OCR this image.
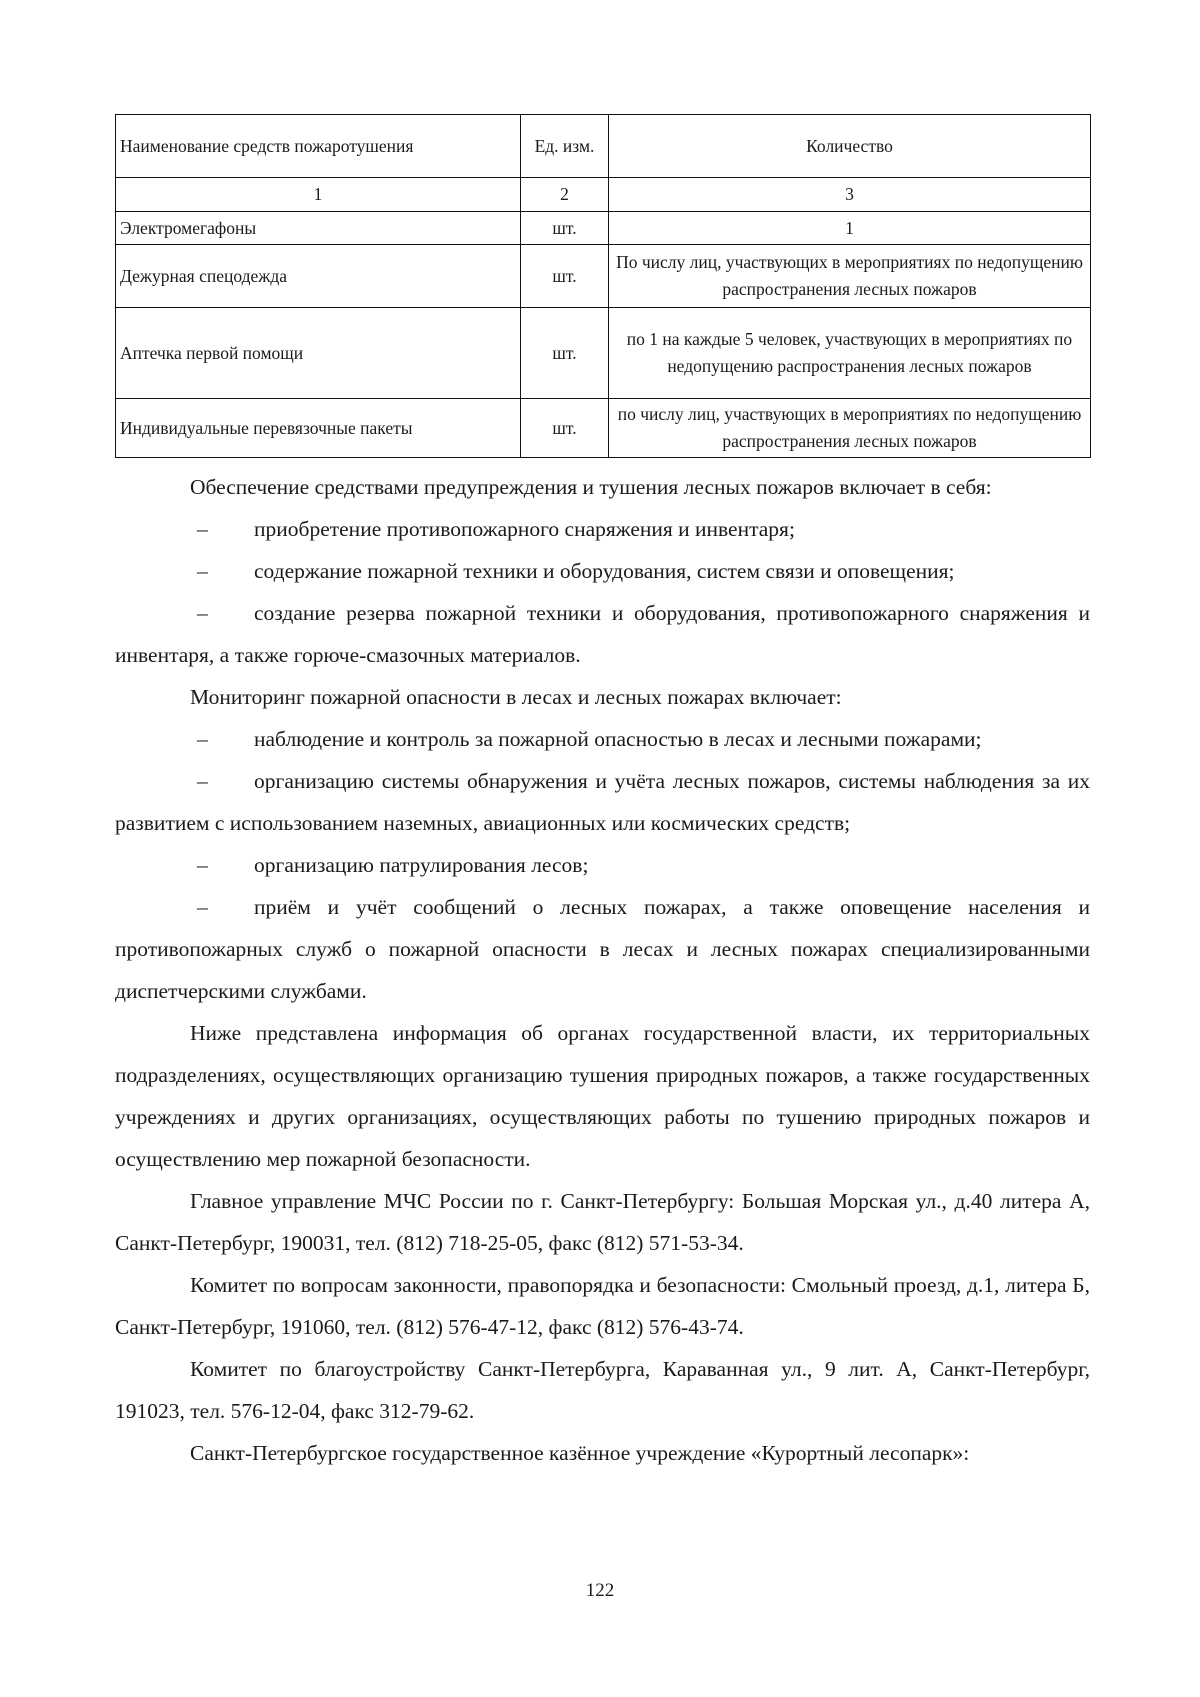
Наименование средств пожаротушения	Ед. изм.	Количество
1	2	3
Электромегафоны	шт.	1
Дежурная спецодежда	шт.	По числу лиц, участвующих в мероприятиях по недопущению распространения лесных пожаров
Аптечка первой помощи	шт.	по 1 на каждые 5 человек, участвующих в мероприятиях по недопущению распространения лесных пожаров
Индивидуальные перевязочные пакеты	шт.	по числу лиц, участвующих в мероприятиях по недопущению распространения лесных пожаров

Обеспечение средствами предупреждения и тушения лесных пожаров включает в себя:

– приобретение противопожарного снаряжения и инвентаря;

– содержание пожарной техники и оборудования, систем связи и оповещения;

– создание резерва пожарной техники и оборудования, противопожарного снаряжения и инвентаря, а также горюче-смазочных материалов.

Мониторинг пожарной опасности в лесах и лесных пожарах включает:

– наблюдение и контроль за пожарной опасностью в лесах и лесными пожарами;

– организацию системы обнаружения и учёта лесных пожаров, системы наблюдения за их развитием с использованием наземных, авиационных или космических средств;

– организацию патрулирования лесов;

– приём и учёт сообщений о лесных пожарах, а также оповещение населения и противопожарных служб о пожарной опасности в лесах и лесных пожарах специализированными диспетчерскими службами.

Ниже представлена информация об органах государственной власти, их территориальных подразделениях, осуществляющих организацию тушения природных пожаров, а также государственных учреждениях и других организациях, осуществляющих работы по тушению природных пожаров и осуществлению мер пожарной безопасности.

Главное управление МЧС России по г. Санкт-Петербургу: Большая Морская ул., д.40 литера А, Санкт-Петербург, 190031, тел. (812) 718-25-05, факс (812) 571-53-34.

Комитет по вопросам законности, правопорядка и безопасности: Смольный проезд, д.1, литера Б, Санкт-Петербург, 191060, тел. (812) 576-47-12, факс (812) 576-43-74.

Комитет по благоустройству Санкт-Петербурга, Караванная ул., 9 лит. А, Санкт-Петербург, 191023, тел. 576-12-04, факс 312-79-62.

Санкт-Петербургское государственное казённое учреждение «Курортный лесопарк»:

122
